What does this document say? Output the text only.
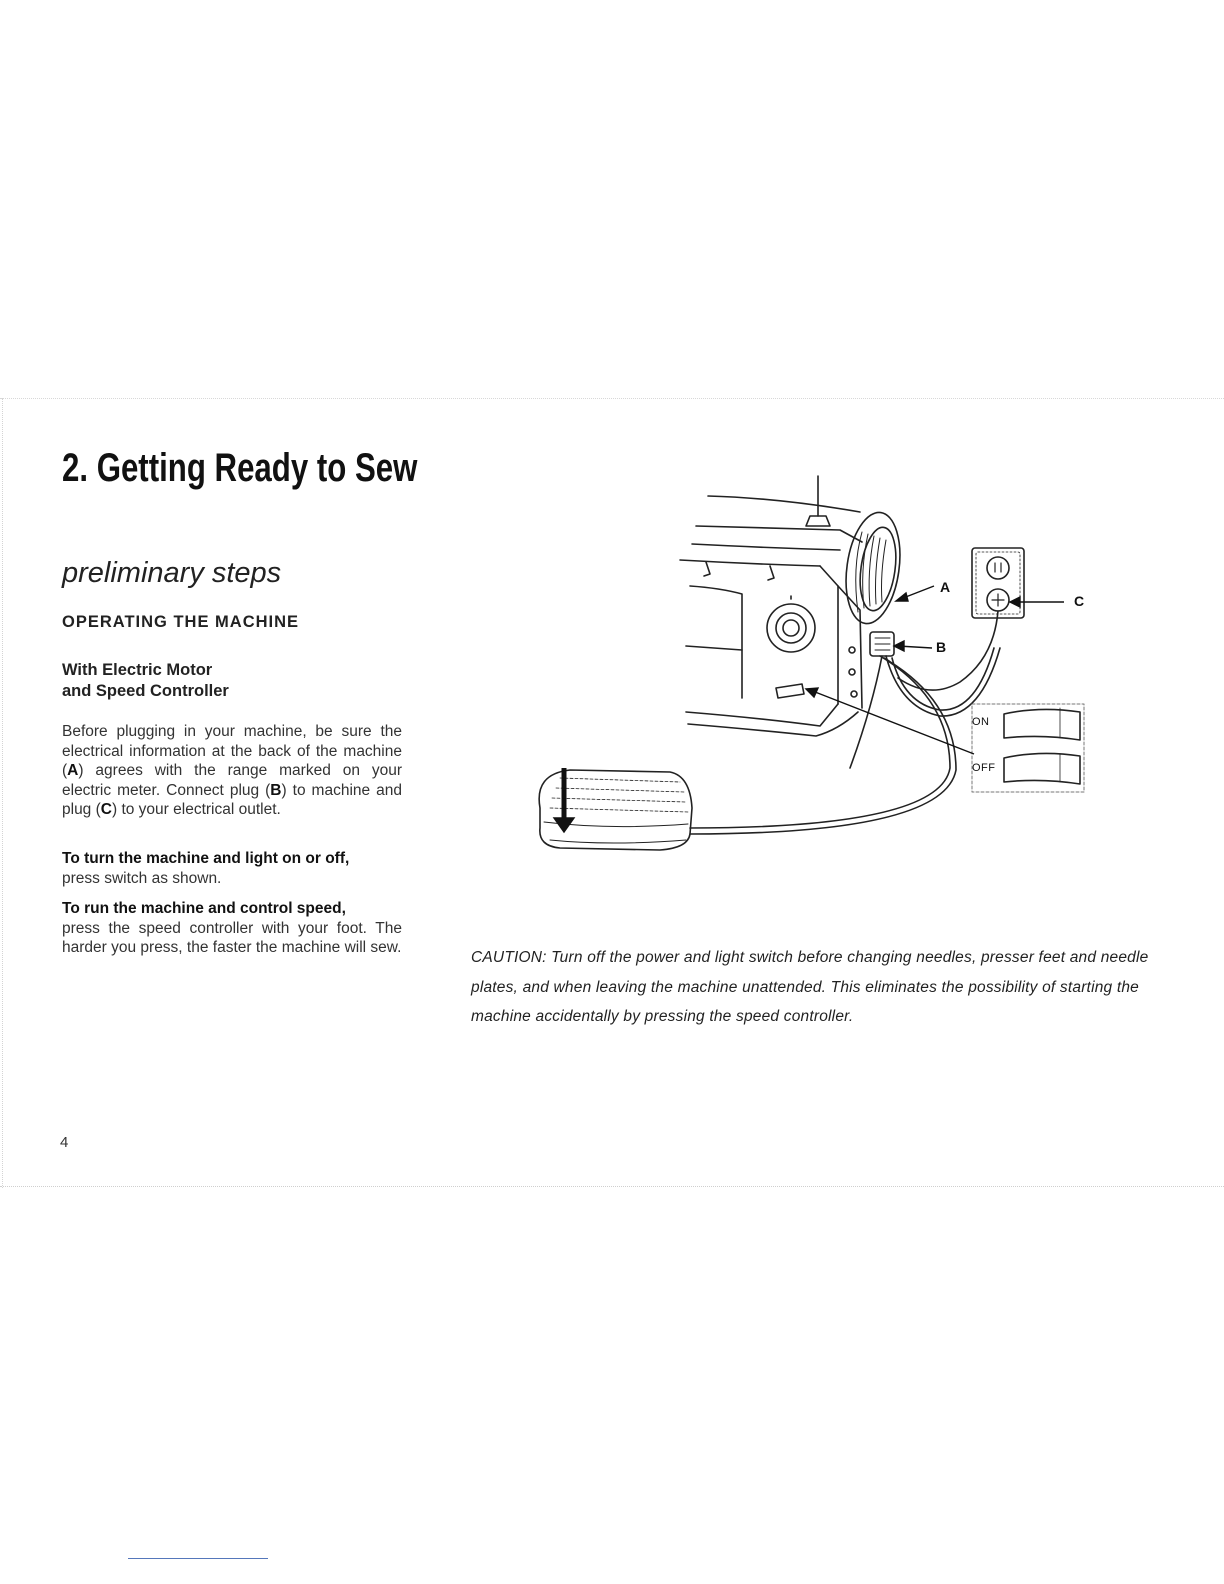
2. Getting Ready to Sew
preliminary steps
OPERATING THE MACHINE
With Electric Motor
and Speed Controller

Before plugging in your machine, be sure the electrical information at the back of the machine (A) agrees with the range marked on your electric meter. Connect plug (B) to machine and plug (C) to your electrical outlet.

To turn the machine and light on or off,
press switch as shown.

To run the machine and control speed,
press the speed controller with your foot. The harder you press, the faster the machine will sew.

A
B
C
ON
OFF

CAUTION: Turn off the power and light switch before changing needles, presser feet and needle plates, and when leaving the machine unattended. This eliminates the possibility of starting the machine accidentally by pressing the speed controller.

4
